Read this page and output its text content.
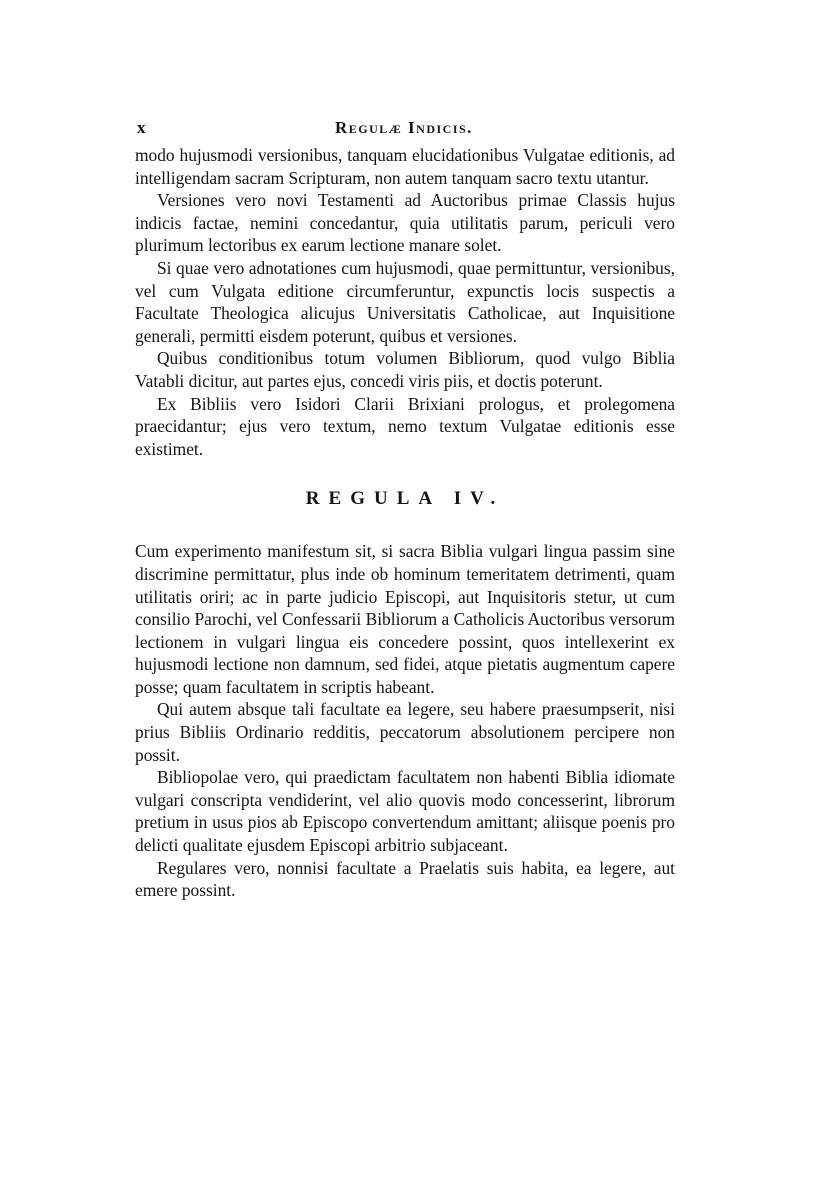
x	Regulæ Indicis.

modo hujusmodi versionibus, tanquam elucidationibus Vulgatae editionis, ad intelligendam sacram Scripturam, non autem tanquam sacro textu utantur.

Versiones vero novi Testamenti ad Auctoribus primae Classis hujus indicis factae, nemini concedantur, quia utilitatis parum, periculi vero plurimum lectoribus ex earum lectione manare solet.

Si quae vero adnotationes cum hujusmodi, quae permittuntur, versionibus, vel cum Vulgata editione circumferuntur, expunctis locis suspectis a Facultate Theologica alicujus Universitatis Catholicae, aut Inquisitione generali, permitti eisdem poterunt, quibus et versiones.

Quibus conditionibus totum volumen Bibliorum, quod vulgo Biblia Vatabli dicitur, aut partes ejus, concedi viris piis, et doctis poterunt.

Ex Bibliis vero Isidori Clarii Brixiani prologus, et prolegomena praecidantur; ejus vero textum, nemo textum Vulgatae editionis esse existimet.

REGULA IV.

Cum experimento manifestum sit, si sacra Biblia vulgari lingua passim sine discrimine permittatur, plus inde ob hominum temeritatem detrimenti, quam utilitatis oriri; ac in parte judicio Episcopi, aut Inquisitoris stetur, ut cum consilio Parochi, vel Confessarii Bibliorum a Catholicis Auctoribus versorum lectionem in vulgari lingua eis concedere possint, quos intellexerint ex hujusmodi lectione non damnum, sed fidei, atque pietatis augmentum capere posse; quam facultatem in scriptis habeant.

Qui autem absque tali facultate ea legere, seu habere praesumpserit, nisi prius Bibliis Ordinario redditis, peccatorum absolutionem percipere non possit.

Bibliopolae vero, qui praedictam facultatem non habenti Biblia idiomate vulgari conscripta vendiderint, vel alio quovis modo concesserint, librorum pretium in usus pios ab Episcopo convertendum amittant; aliisque poenis pro delicti qualitate ejusdem Episcopi arbitrio subjaceant.

Regulares vero, nonnisi facultate a Praelatis suis habita, ea legere, aut emere possint.
